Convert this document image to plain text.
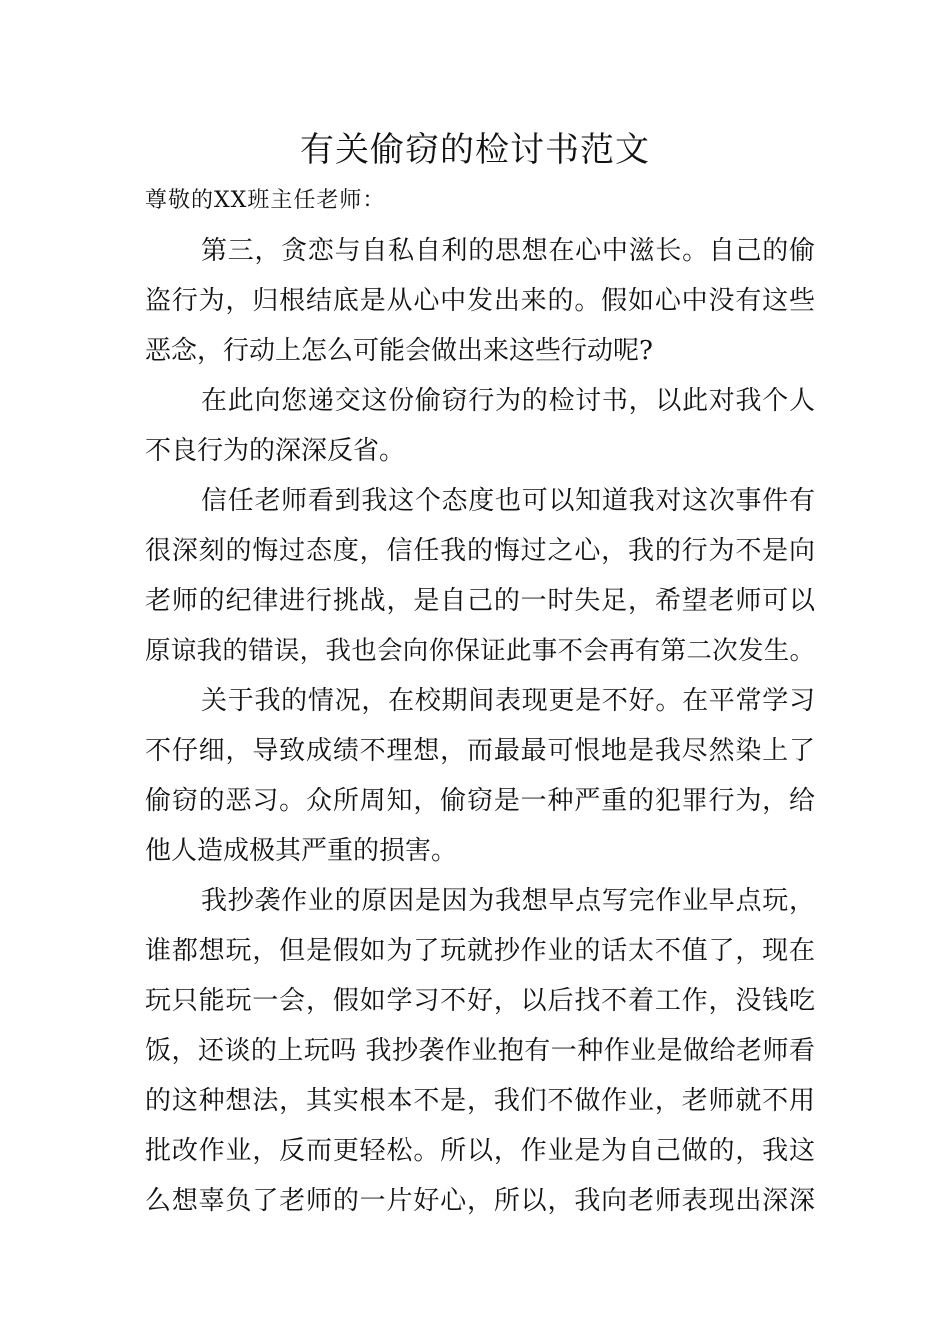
有关偷窃的检讨书范文

尊敬的XX班主任老师：

第三，贪恋与自私自利的思想在心中滋长。自己的偷
盗行为，归根结底是从心中发出来的。假如心中没有这些
恶念，行动上怎么可能会做出来这些行动呢?
在此向您递交这份偷窃行为的检讨书，以此对我个人
不良行为的深深反省。
信任老师看到我这个态度也可以知道我对这次事件有
很深刻的悔过态度，信任我的悔过之心，我的行为不是向
老师的纪律进行挑战，是自己的一时失足，希望老师可以
原谅我的错误，我也会向你保证此事不会再有第二次发生。
关于我的情况，在校期间表现更是不好。在平常学习
不仔细，导致成绩不理想，而最最可恨地是我尽然染上了
偷窃的恶习。众所周知，偷窃是一种严重的犯罪行为，给
他人造成极其严重的损害。
我抄袭作业的原因是因为我想早点写完作业早点玩，
谁都想玩，但是假如为了玩就抄作业的话太不值了，现在
玩只能玩一会，假如学习不好，以后找不着工作，没钱吃
饭，还谈的上玩吗 我抄袭作业抱有一种作业是做给老师看
的这种想法，其实根本不是，我们不做作业，老师就不用
批改作业，反而更轻松。所以，作业是为自己做的，我这
么想辜负了老师的一片好心，所以，我向老师表现出深深
